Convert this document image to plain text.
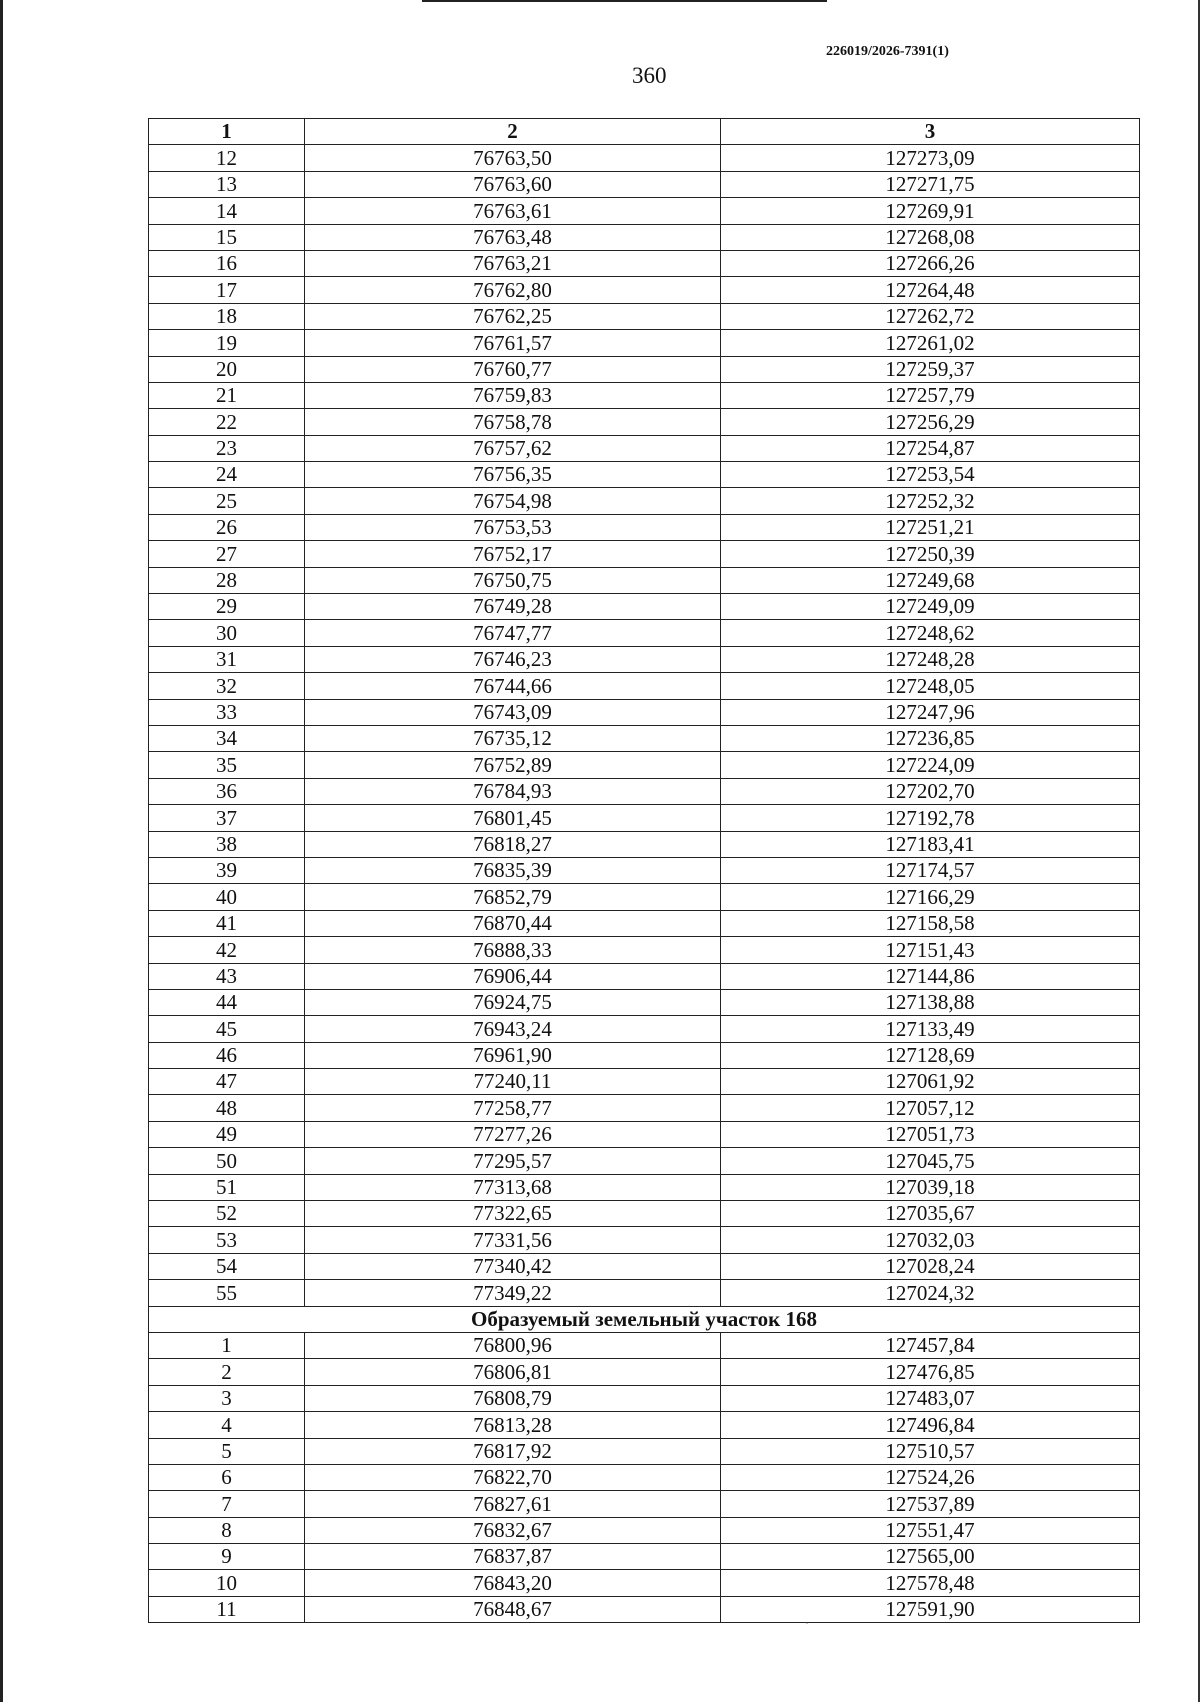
226019/2026-7391(1)
360
1	2	3
12	76763,50	127273,09
13	76763,60	127271,75
14	76763,61	127269,91
15	76763,48	127268,08
16	76763,21	127266,26
17	76762,80	127264,48
18	76762,25	127262,72
19	76761,57	127261,02
20	76760,77	127259,37
21	76759,83	127257,79
22	76758,78	127256,29
23	76757,62	127254,87
24	76756,35	127253,54
25	76754,98	127252,32
26	76753,53	127251,21
27	76752,17	127250,39
28	76750,75	127249,68
29	76749,28	127249,09
30	76747,77	127248,62
31	76746,23	127248,28
32	76744,66	127248,05
33	76743,09	127247,96
34	76735,12	127236,85
35	76752,89	127224,09
36	76784,93	127202,70
37	76801,45	127192,78
38	76818,27	127183,41
39	76835,39	127174,57
40	76852,79	127166,29
41	76870,44	127158,58
42	76888,33	127151,43
43	76906,44	127144,86
44	76924,75	127138,88
45	76943,24	127133,49
46	76961,90	127128,69
47	77240,11	127061,92
48	77258,77	127057,12
49	77277,26	127051,73
50	77295,57	127045,75
51	77313,68	127039,18
52	77322,65	127035,67
53	77331,56	127032,03
54	77340,42	127028,24
55	77349,22	127024,32
Образуемый земельный участок 168		
1	76800,96	127457,84
2	76806,81	127476,85
3	76808,79	127483,07
4	76813,28	127496,84
5	76817,92	127510,57
6	76822,70	127524,26
7	76827,61	127537,89
8	76832,67	127551,47
9	76837,87	127565,00
10	76843,20	127578,48
11	76848,67	127591,90
`
